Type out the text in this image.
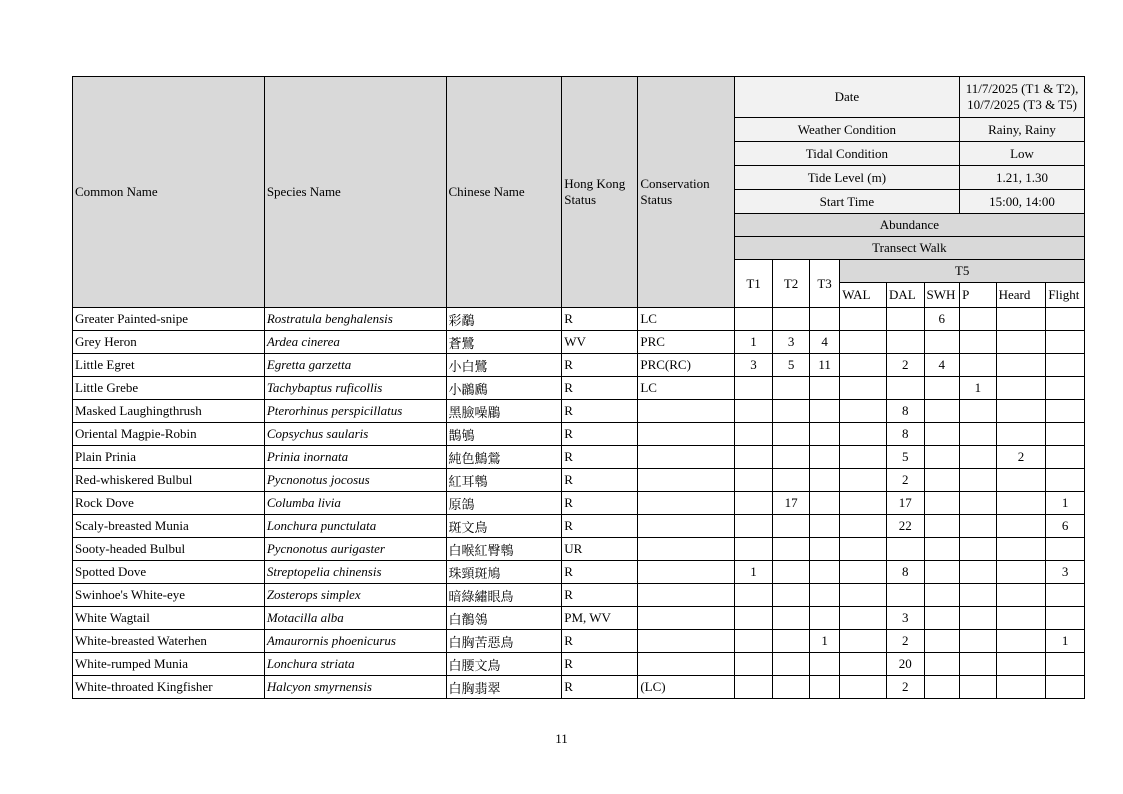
Common Name	Species Name	Chinese Name	Hong Kong Status	Conservation Status	Date						11/7/2025 (T1 & T2), 10/7/2025 (T3 & T5)		
					Weather Condition						Rainy, Rainy		
					Tidal Condition						Low		
					Tide Level (m)						1.21, 1.30		
					Start Time						15:00, 14:00		
					Abundance								
					Transect Walk								
					T1	T2	T3	T5					
								WAL	DAL	SWH	P	Heard	Flight

Greater Painted-snipe	Rostratula benghalensis	彩鷸	R	LC						6			
Grey Heron	Ardea cinerea	蒼鷺	WV	PRC	1	3	4						
Little Egret	Egretta garzetta	小白鷺	R	PRC(RC)	3	5	11		2	4			
Little Grebe	Tachybaptus ruficollis	小鸊鷉	R	LC							1		
Masked Laughingthrush	Pterorhinus perspicillatus	黑臉噪鶥	R						8				
Oriental Magpie-Robin	Copsychus saularis	鵲鴝	R						8				
Plain Prinia	Prinia inornata	純色鷦鶯	R						5			2	
Red-whiskered Bulbul	Pycnonotus jocosus	紅耳鵯	R						2				
Rock Dove	Columba livia	原鴿	R			17			17				1
Scaly-breasted Munia	Lonchura punctulata	斑文鳥	R						22				6
Sooty-headed Bulbul	Pycnonotus aurigaster	白喉紅臀鵯	UR										
Spotted Dove	Streptopelia chinensis	珠頸斑鳩	R		1				8				3
Swinhoe's White-eye	Zosterops simplex	暗綠繡眼鳥	R										
White Wagtail	Motacilla alba	白鶺鴒	PM, WV						3				
White-breasted Waterhen	Amaurornis phoenicurus	白胸苦惡鳥	R				1		2				1
White-rumped Munia	Lonchura striata	白腰文鳥	R						20				
White-throated Kingfisher	Halcyon smyrnensis	白胸翡翠	R	(LC)					2				
11
